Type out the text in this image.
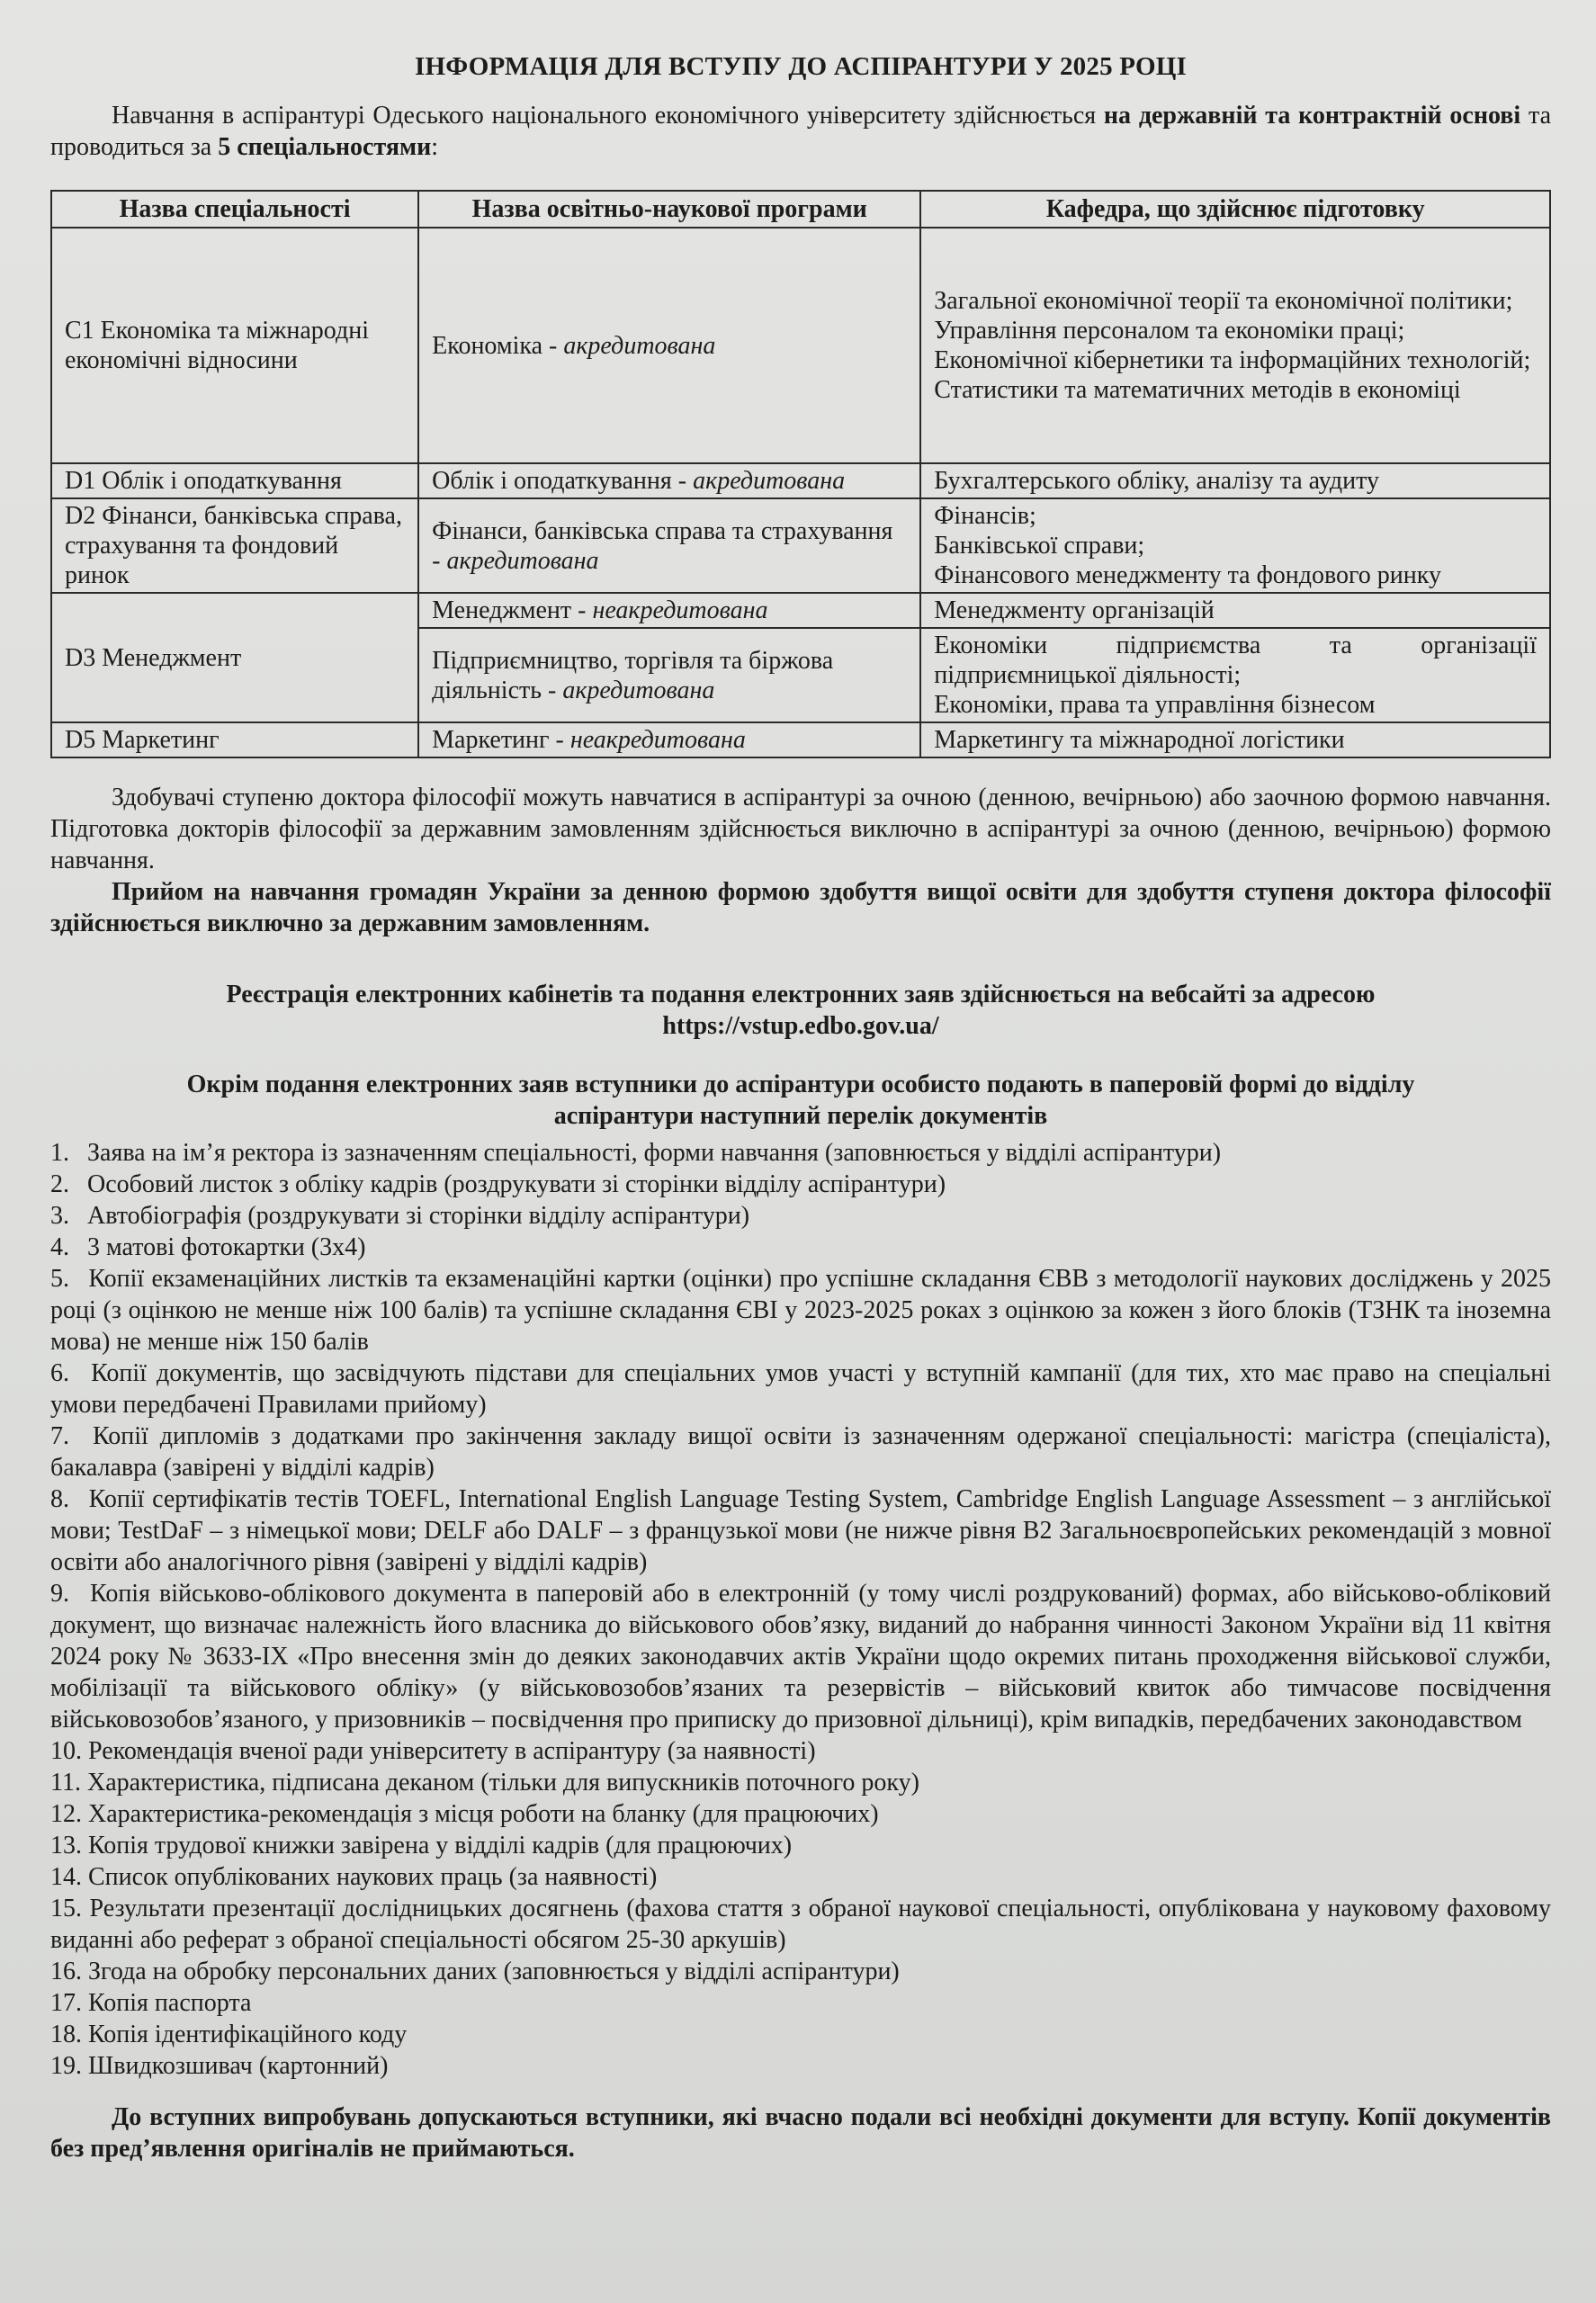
ІНФОРМАЦІЯ ДЛЯ ВСТУПУ ДО АСПІРАНТУРИ У 2025 РОЦІ

Навчання в аспірантурі Одеського національного економічного університету здійснюється на державній та контрактній основі та проводиться за 5 спеціальностями:

Назва спеціальності	Назва освітньо-наукової програми	Кафедра, що здійснює підготовку
С1 Економіка та міжнародні економічні відносини	Економіка - акредитована	Загальної економічної теорії та економічної політики;
Управління персоналом та економіки праці;
Економічної кібернетики та інформаційних технологій;
Статистики та математичних методів в економіці

D1 Облік і оподаткування	Облік і оподаткування - акредитована	Бухгалтерського обліку, аналізу та аудиту
D2 Фінанси, банківська справа, страхування та фондовий ринок	Фінанси, банківська справа та страхування - акредитована	Фінансів;
Банківської справи;
Фінансового менеджменту та фондового ринку

D3 Менеджмент	Менеджмент - неакредитована	Менеджменту організацій
	Підприємництво, торгівля та біржова діяльність - акредитована	Економіки підприємства та організації підприємницької діяльності;
Економіки, права та управління бізнесом

D5 Маркетинг	Маркетинг - неакредитована	Маркетингу та міжнародної логістики

Здобувачі ступеню доктора філософії можуть навчатися в аспірантурі за очною (денною, вечірньою) або заочною формою навчання. Підготовка докторів філософії за державним замовленням здійснюється виключно в аспірантурі за очною (денною, вечірньою) формою навчання.

Прийом на навчання громадян України за денною формою здобуття вищої освіти для здобуття ступеня доктора філософії здійснюється виключно за державним замовленням.

Реєстрація електронних кабінетів та подання електронних заяв здійснюється на вебсайті за адресою
https://vstup.edbo.gov.ua/
Окрім подання електронних заяв вступники до аспірантури особисто подають в паперовій формі до відділу
аспірантури наступний перелік документів
1. Заява на ім’я ректора із зазначенням спеціальності, форми навчання (заповнюється у відділі аспірантури)
2. Особовий листок з обліку кадрів (роздрукувати зі сторінки відділу аспірантури)
3. Автобіографія (роздрукувати зі сторінки відділу аспірантури)
4. 3 матові фотокартки (3х4)
5. Копії екзаменаційних листків та екзаменаційні картки (оцінки) про успішне складання ЄВВ з методології наукових досліджень у 2025 році (з оцінкою не менше ніж 100 балів) та успішне складання ЄВІ у 2023-2025 роках з оцінкою за кожен з його блоків (ТЗНК та іноземна мова) не менше ніж 150 балів
6. Копії документів, що засвідчують підстави для спеціальних умов участі у вступній кампанії (для тих, хто має право на спеціальні умови передбачені Правилами прийому)
7. Копії дипломів з додатками про закінчення закладу вищої освіти із зазначенням одержаної спеціальності: магістра (спеціаліста), бакалавра (завірені у відділі кадрів)
8. Копії сертифікатів тестів TOEFL, International English Language Testing System, Cambridge English Language Assessment – з англійської мови; TestDaF – з німецької мови; DELF або DALF – з французької мови (не нижче рівня В2 Загальноєвропейських рекомендацій з мовної освіти або аналогічного рівня (завірені у відділі кадрів)
9. Копія військово-облікового документа в паперовій або в електронній (у тому числі роздрукований) формах, або військово-обліковий документ, що визначає належність його власника до військового обов’язку, виданий до набрання чинності Законом України від 11 квітня 2024 року № 3633-ІХ «Про внесення змін до деяких законодавчих актів України щодо окремих питань проходження військової служби, мобілізації та військового обліку» (у військовозобов’язаних та резервістів – військовий квиток або тимчасове посвідчення військовозобов’язаного, у призовників – посвідчення про приписку до призовної дільниці), крім випадків, передбачених законодавством
10. Рекомендація вченої ради університету в аспірантуру (за наявності)
11. Характеристика, підписана деканом (тільки для випускників поточного року)
12. Характеристика-рекомендація з місця роботи на бланку (для працюючих)
13. Копія трудової книжки завірена у відділі кадрів (для працюючих)
14. Список опублікованих наукових праць (за наявності)
15. Результати презентації дослідницьких досягнень (фахова стаття з обраної наукової спеціальності, опублікована у науковому фаховому виданні або реферат з обраної спеціальності обсягом 25-30 аркушів)
16. Згода на обробку персональних даних (заповнюється у відділі аспірантури)
17. Копія паспорта
18. Копія ідентифікаційного коду
19. Швидкозшивач (картонний)

До вступних випробувань допускаються вступники, які вчасно подали всі необхідні документи для вступу. Копії документів без пред’явлення оригіналів не приймаються.
